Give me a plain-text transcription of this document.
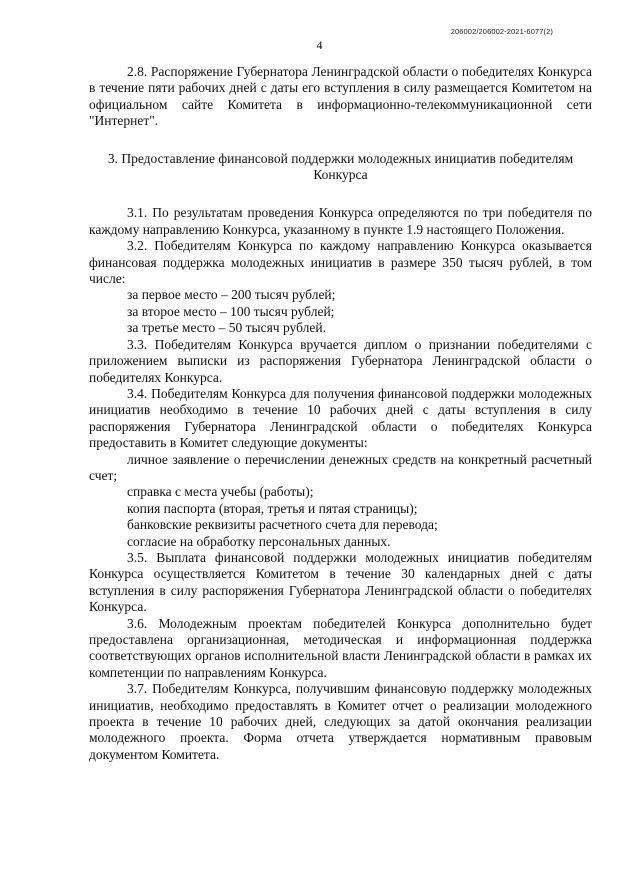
206002/206002-2021-6077(2)
4

2.8. Распоряжение Губернатора Ленинградской области о победителях Конкурса в течение пяти рабочих дней с даты его вступления в силу размещается Комитетом на официальном сайте Комитета в информационно-телекоммуникационной сети "Интернет".

3. Предоставление финансовой поддержки молодежных инициатив победителям Конкурса

3.1. По результатам проведения Конкурса определяются по три победителя по каждому направлению Конкурса, указанному в пункте 1.9 настоящего Положения.

3.2. Победителям Конкурса по каждому направлению Конкурса оказывается финансовая поддержка молодежных инициатив в размере 350 тысяч рублей, в том числе:

за первое место – 200 тысяч рублей;

за второе место – 100 тысяч рублей;

за третье место – 50 тысяч рублей.

3.3. Победителям Конкурса вручается диплом о признании победителями с приложением выписки из распоряжения Губернатора Ленинградской области о победителях Конкурса.

3.4. Победителям Конкурса для получения финансовой поддержки молодежных инициатив необходимо в течение 10 рабочих дней с даты вступления в силу распоряжения Губернатора Ленинградской области о победителях Конкурса предоставить в Комитет следующие документы:

личное заявление о перечислении денежных средств на конкретный расчетный счет;

справка с места учебы (работы);

копия паспорта (вторая, третья и пятая страницы);

банковские реквизиты расчетного счета для перевода;

согласие на обработку персональных данных.

3.5. Выплата финансовой поддержки молодежных инициатив победителям Конкурса осуществляется Комитетом в течение 30 календарных дней с даты вступления в силу распоряжения Губернатора Ленинградской области о победителях Конкурса.

3.6. Молодежным проектам победителей Конкурса дополнительно будет предоставлена организационная, методическая и информационная поддержка соответствующих органов исполнительной власти Ленинградской области в рамках их компетенции по направлениям Конкурса.

3.7. Победителям Конкурса, получившим финансовую поддержку молодежных инициатив, необходимо предоставлять в Комитет отчет о реализации молодежного проекта в течение 10 рабочих дней, следующих за датой окончания реализации молодежного проекта. Форма отчета утверждается нормативным правовым документом Комитета.
